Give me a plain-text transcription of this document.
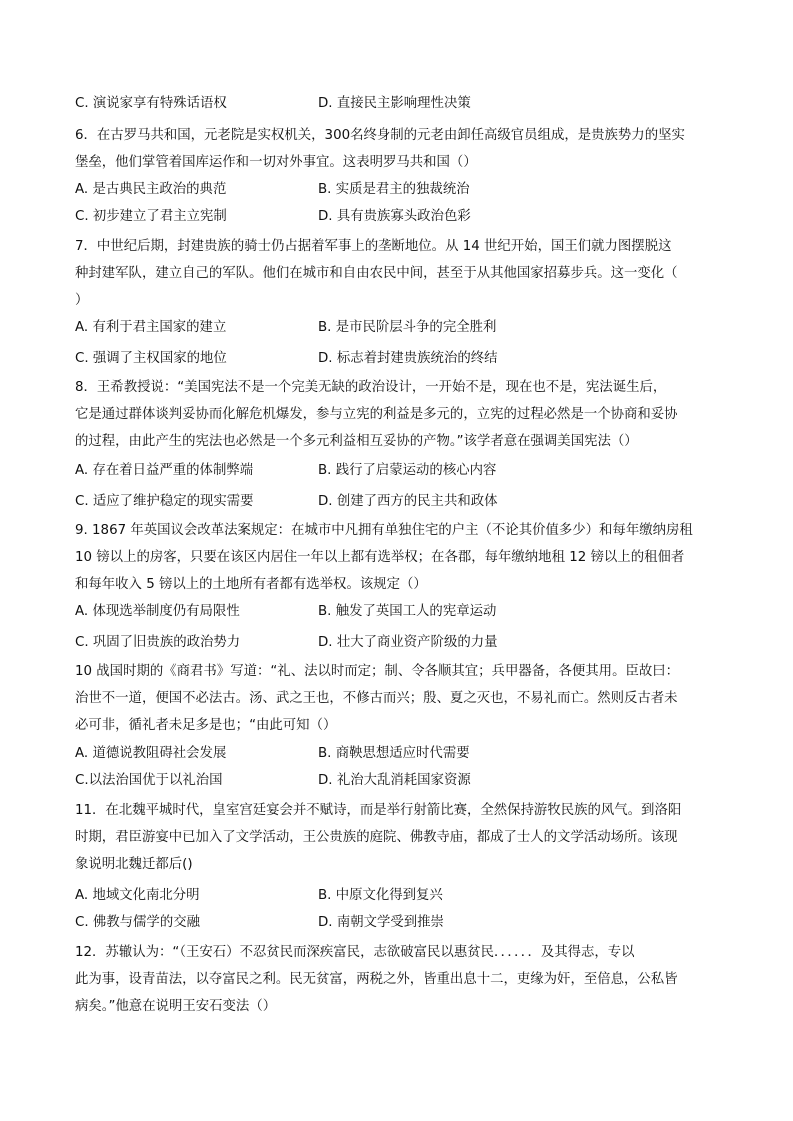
C. 演说家享有特殊话语权	D. 直接民主影响理性决策
6．在古罗马共和国，元老院是实权机关，300名终身制的元老由卸任高级官员组成，是贵族势力的坚实
堡垒，他们掌管着国库运作和一切对外事宜。这表明罗马共和国（）
A. 是古典民主政治的典范	B. 实质是君主的独裁统治
C. 初步建立了君主立宪制	D. 具有贵族寡头政治色彩
7．中世纪后期，封建贵族的骑士仍占据着军事上的垄断地位。从 14 世纪开始，国王们就力图摆脱这
种封建军队，建立自己的军队。他们在城市和自由农民中间，甚至于从其他国家招募步兵。这一变化（
）
A. 有利于君主国家的建立	B. 是市民阶层斗争的完全胜利
C. 强调了主权国家的地位	D. 标志着封建贵族统治的终结
8．王希教授说：“美国宪法不是一个完美无缺的政治设计，一开始不是，现在也不是，宪法诞生后，
它是通过群体谈判妥协而化解危机爆发，参与立宪的利益是多元的，立宪的过程必然是一个协商和妥协
的过程，由此产生的宪法也必然是一个多元利益相互妥协的产物。”该学者意在强调美国宪法（）
A. 存在着日益严重的体制弊端	B. 践行了启蒙运动的核心内容
C. 适应了维护稳定的现实需要	D. 创建了西方的民主共和政体
9. 1867 年英国议会改革法案规定：在城市中凡拥有单独住宅的户主（不论其价值多少）和每年缴纳房租
10 镑以上的房客，只要在该区内居住一年以上都有选举权；在各郡，每年缴纳地租 12 镑以上的租佃者
和每年收入 5 镑以上的土地所有者都有选举权。该规定（）
A. 体现选举制度仍有局限性	B. 触发了英国工人的宪章运动
C. 巩固了旧贵族的政治势力	D. 壮大了商业资产阶级的力量
10 战国时期的《商君书》写道：“礼、法以时而定；制、令各顺其宜；兵甲器备，各便其用。臣故曰：
治世不一道，便国不必法古。汤、武之王也，不修古而兴；殷、夏之灭也，不易礼而亡。然则反古者未
必可非，循礼者未足多是也；“由此可知（）
A. 道德说教阻碍社会发展	B. 商鞅思想适应时代需要
C.以法治国优于以礼治国	D. 礼治大乱消耗国家资源
11．在北魏平城时代，皇室宫廷宴会并不赋诗，而是举行射箭比赛，全然保持游牧民族的风气。到洛阳
时期，君臣游宴中已加入了文学活动，王公贵族的庭院、佛教寺庙，都成了士人的文学活动场所。该现
象说明北魏迁都后()
A. 地域文化南北分明	B. 中原文化得到复兴
C. 佛教与儒学的交融	D. 南朝文学受到推崇
12．苏辙认为：“（王安石）不忍贫民而深疾富民，志欲破富民以惠贫民．．．．．．及其得志，专以
此为事，设青苗法，以夺富民之利。民无贫富，两税之外，皆重出息十二，吏缘为奸，至倍息，公私皆
病矣。”他意在说明王安石变法（）
